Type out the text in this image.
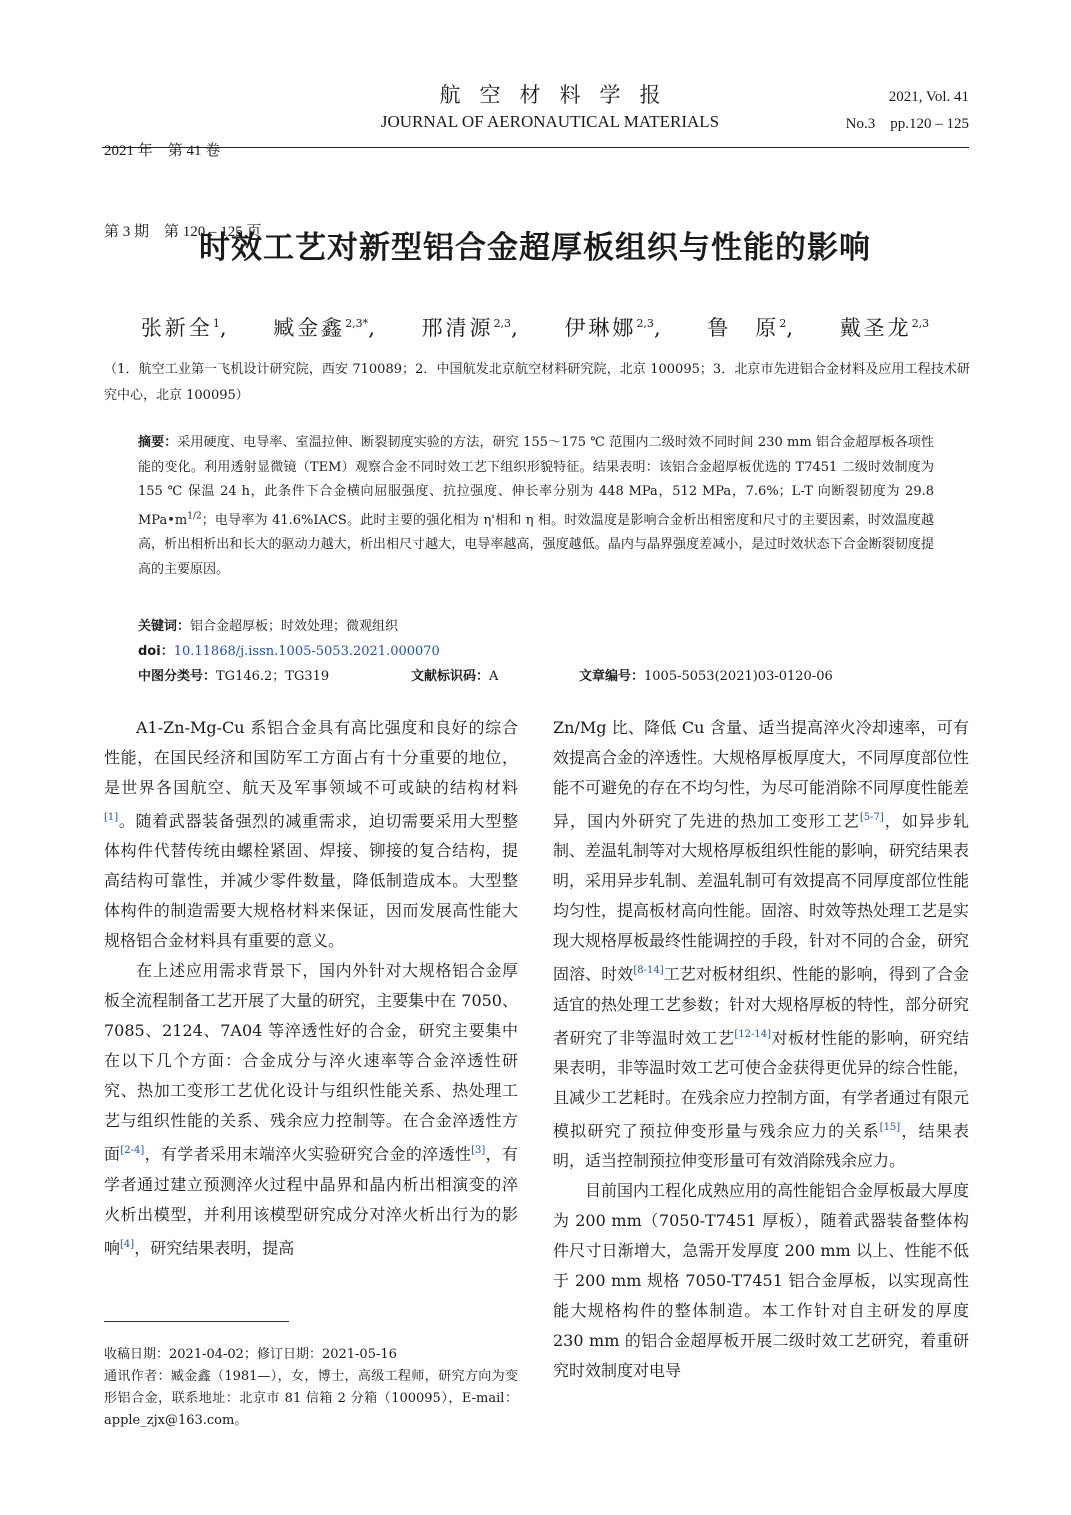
2021 年　第 41 卷

第 3 期　第 120 – 125 页

航空材料学报
JOURNAL OF AERONAUTICAL MATERIALS
2021, Vol. 41
No.3　pp.120 – 125
时效工艺对新型铝合金超厚板组织与性能的影响
张新全$^1$, 臧金鑫$^{2,3*}$, 邢清源$^{2,3}$, 伊琳娜$^{2,3}$, 鲁　原$^2$, 戴圣龙$^{2,3}$
（1．航空工业第一飞机设计研究院，西安 710089；2．中国航发北京航空材料研究院，北京 100095；3．北京市先进铝合金材料及应用工程技术研究中心，北京 100095）
摘要：采用硬度、电导率、室温拉伸、断裂韧度实验的方法，研究 155～175 ℃ 范围内二级时效不同时间 230 mm 铝合金超厚板各项性能的变化。利用透射显微镜（TEM）观察合金不同时效工艺下组织形貌特征。结果表明：该铝合金超厚板优选的 T7451 二级时效制度为 155 ℃ 保温 24 h，此条件下合金横向屈服强度、抗拉强度、伸长率分别为 448 MPa，512 MPa，7.6%；L-T 向断裂韧度为 29.8 $MPa•m^{1/2}$；电导率为 41.6%IACS。此时主要的强化相为 η'相和 η 相。时效温度是影响合金析出相密度和尺寸的主要因素，时效温度越高，析出相析出和长大的驱动力越大，析出相尺寸越大，电导率越高，强度越低。晶内与晶界强度差减小，是过时效状态下合金断裂韧度提高的主要原因。
关键词：铝合金超厚板；时效处理；微观组织
doi：10.11868/j.issn.1005-5053.2021.000070
中图分类号：TG146.2；TG319	文献标识码：A	文章编号：1005-5053(2021)03-0120-06

A1-Zn-Mg-Cu 系铝合金具有高比强度和良好的综合性能，在国民经济和国防军工方面占有十分重要的地位，是世界各国航空、航天及军事领域不可或缺的结构材料[1]。随着武器装备强烈的减重需求，迫切需要采用大型整体构件代替传统由螺栓紧固、焊接、铆接的复合结构，提高结构可靠性，并减少零件数量，降低制造成本。大型整体构件的制造需要大规格材料来保证，因而发展高性能大规格铝合金材料具有重要的意义。

在上述应用需求背景下，国内外针对大规格铝合金厚板全流程制备工艺开展了大量的研究，主要集中在 7050、7085、2124、7A04 等淬透性好的合金，研究主要集中在以下几个方面：合金成分与淬火速率等合金淬透性研究、热加工变形工艺优化设计与组织性能关系、热处理工艺与组织性能的关系、残余应力控制等。在合金淬透性方面[2-4]，有学者采用末端淬火实验研究合金的淬透性[3]，有学者通过建立预测淬火过程中晶界和晶内析出相演变的淬火析出模型，并利用该模型研究成分对淬火析出行为的影响[4]，研究结果表明，提高

Zn/Mg 比、降低 Cu 含量、适当提高淬火冷却速率，可有效提高合金的淬透性。大规格厚板厚度大，不同厚度部位性能不可避免的存在不均匀性，为尽可能消除不同厚度性能差异，国内外研究了先进的热加工变形工艺[5-7]，如异步轧制、差温轧制等对大规格厚板组织性能的影响，研究结果表明，采用异步轧制、差温轧制可有效提高不同厚度部位性能均匀性，提高板材高向性能。固溶、时效等热处理工艺是实现大规格厚板最终性能调控的手段，针对不同的合金，研究固溶、时效[8-14]工艺对板材组织、性能的影响，得到了合金适宜的热处理工艺参数；针对大规格厚板的特性，部分研究者研究了非等温时效工艺[12-14]对板材性能的影响，研究结果表明，非等温时效工艺可使合金获得更优异的综合性能，且减少工艺耗时。在残余应力控制方面，有学者通过有限元模拟研究了预拉伸变形量与残余应力的关系[15]，结果表明，适当控制预拉伸变形量可有效消除残余应力。

目前国内工程化成熟应用的高性能铝合金厚板最大厚度为 200 mm（7050-T7451 厚板），随着武器装备整体构件尺寸日渐增大，急需开发厚度 200 mm 以上、性能不低于 200 mm 规格 7050-T7451 铝合金厚板，以实现高性能大规格构件的整体制造。本工作针对自主研发的厚度 230 mm 的铝合金超厚板开展二级时效工艺研究，着重研究时效制度对电导

收稿日期：2021-04-02；修订日期：2021-05-16

通讯作者：臧金鑫（1981—），女，博士，高级工程师，研究方向为变形铝合金，联系地址：北京市 81 信箱 2 分箱（100095），E-mail：apple_zjx@163.com。
